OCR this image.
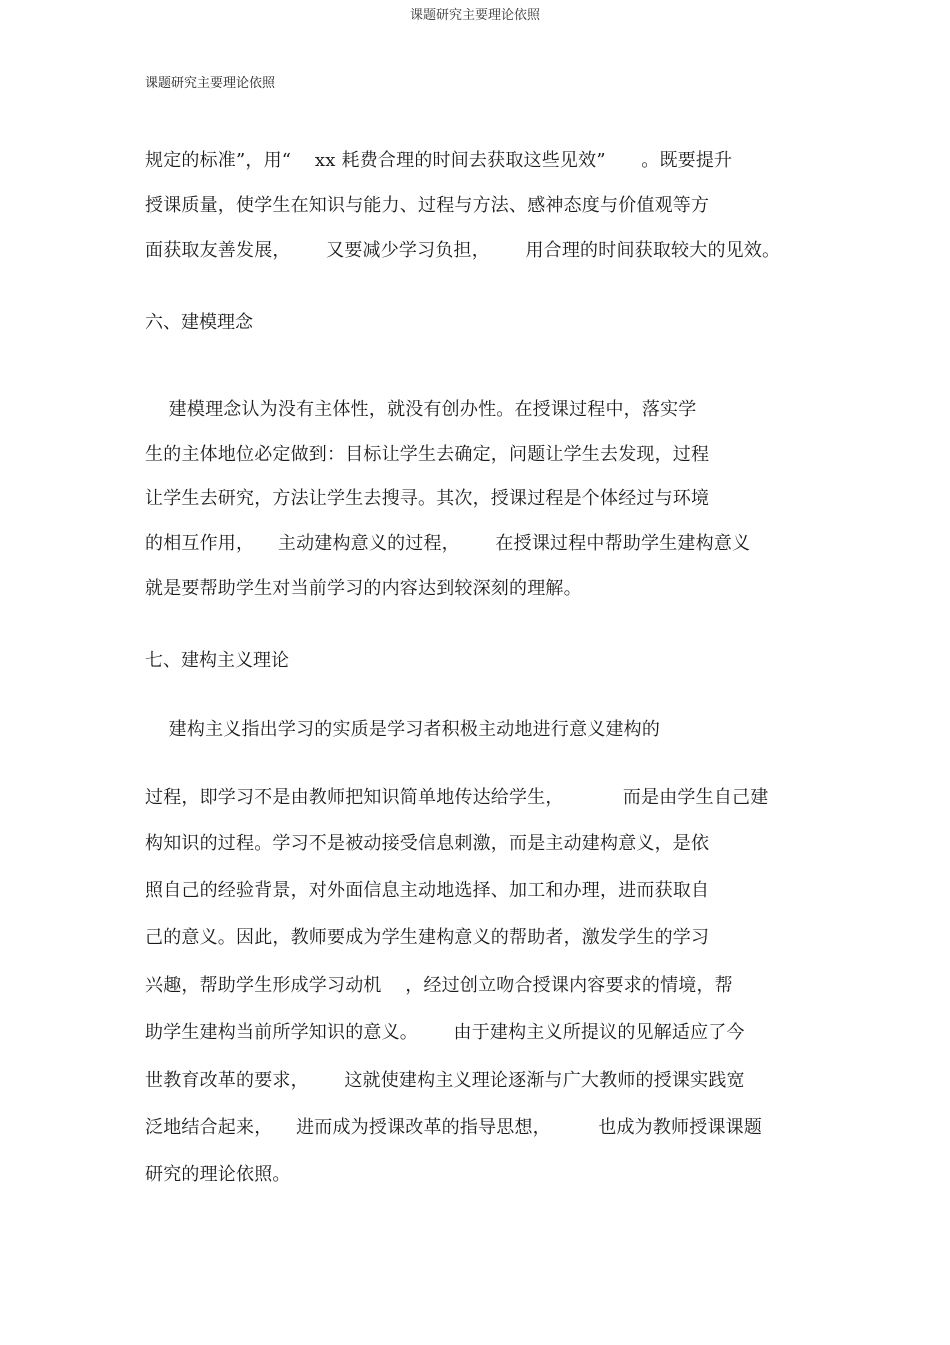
课题研究主要理论依照
课题研究主要理论依照
规定的标准”，用“    xx 耗费合理的时间去获取这些见效”      。既要提升
授课质量，使学生在知识与能力、过程与方法、感神态度与价值观等方
面获取友善发展，      又要减少学习负担，      用合理的时间获取较大的见效。
六、建模理念
建模理念认为没有主体性，就没有创办性。在授课过程中，落实学
生的主体地位必定做到：目标让学生去确定，问题让学生去发现，过程
让学生去研究，方法让学生去搜寻。其次，授课过程是个体经过与环境
的相互作用，    主动建构意义的过程，      在授课过程中帮助学生建构意义
就是要帮助学生对当前学习的内容达到较深刻的理解。
七、建构主义理论
建构主义指出学习的实质是学习者积极主动地进行意义建构的
过程，即学习不是由教师把知识简单地传达给学生，          而是由学生自己建
构知识的过程。学习不是被动接受信息刺激，而是主动建构意义，是依
照自己的经验背景，对外面信息主动地选择、加工和办理，进而获取自
己的意义。因此，教师要成为学生建构意义的帮助者，激发学生的学习
兴趣，帮助学生形成学习动机    ，经过创立吻合授课内容要求的情境，帮
助学生建构当前所学知识的意义。      由于建构主义所提议的见解适应了今
世教育改革的要求，      这就使建构主义理论逐渐与广大教师的授课实践宽
泛地结合起来，    进而成为授课改革的指导思想，        也成为教师授课课题
研究的理论依照。
